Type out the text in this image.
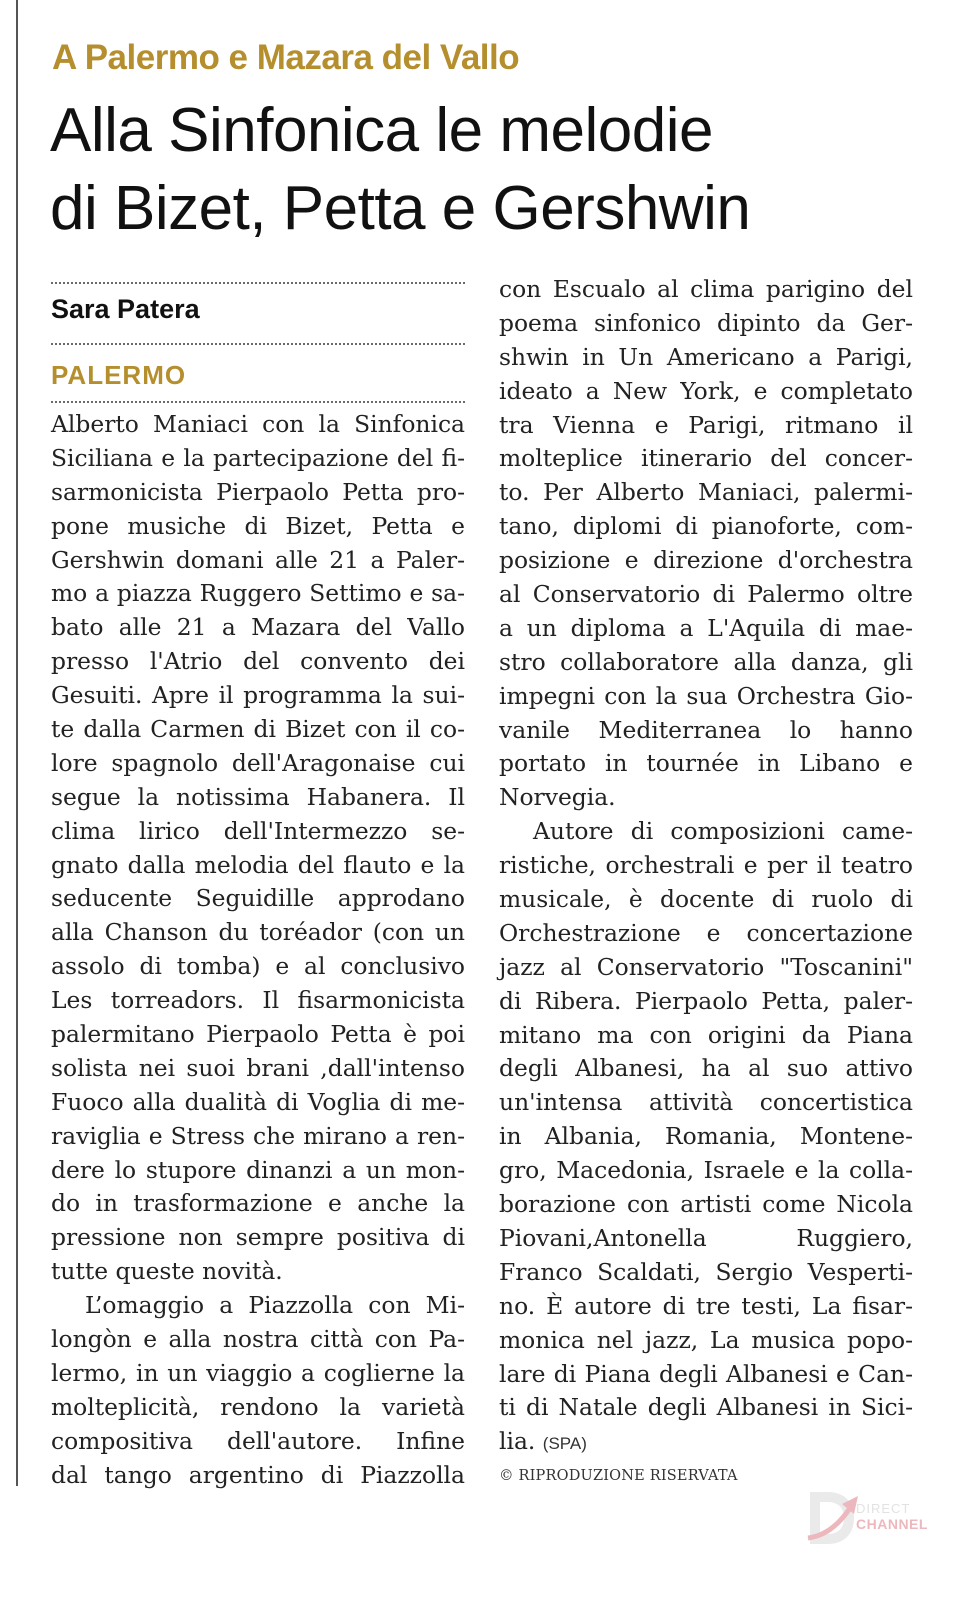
A Palermo e Mazara del Vallo
Alla Sinfonica le melodie
di Bizet, Petta e Gershwin
Sara Patera
PALERMO
Alberto Maniaci con la Sinfonica
Siciliana e la partecipazione del fi-
sarmonicista Pierpaolo Petta pro-
pone musiche di Bizet, Petta e
Gershwin domani alle 21 a Paler-
mo a piazza Ruggero Settimo e sa-
bato alle 21 a Mazara del Vallo
presso l'Atrio del convento dei
Gesuiti. Apre il programma la sui-
te dalla Carmen di Bizet con il co-
lore spagnolo dell'Aragonaise cui
segue la notissima Habanera. Il
clima lirico dell'Intermezzo se-
gnato dalla melodia del flauto e la
seducente Seguidille approdano
alla Chanson du toréador (con un
assolo di tomba) e al conclusivo
Les torreadors. Il fisarmonicista
palermitano Pierpaolo Petta è poi
solista nei suoi brani ,dall'intenso
Fuoco alla dualità di Voglia di me-
raviglia e Stress che mirano a ren-
dere lo stupore dinanzi a un mon-
do in trasformazione e anche la
pressione non sempre positiva di
tutte queste novità.
L’omaggio a Piazzolla con Mi-
longòn e alla nostra città con Pa-
lermo, in un viaggio a coglierne la
molteplicità, rendono la varietà
compositiva dell'autore. Infine
dal tango argentino di Piazzolla
con Escualo al clima parigino del
poema sinfonico dipinto da Ger-
shwin in Un Americano a Parigi,
ideato a New York, e completato
tra Vienna e Parigi, ritmano il
molteplice itinerario del concer-
to. Per Alberto Maniaci, palermi-
tano, diplomi di pianoforte, com-
posizione e direzione d'orchestra
al Conservatorio di Palermo oltre
a un diploma a L'Aquila di mae-
stro collaboratore alla danza, gli
impegni con la sua Orchestra Gio-
vanile Mediterranea lo hanno
portato in tournée in Libano e
Norvegia.
Autore di composizioni came-
ristiche, orchestrali e per il teatro
musicale, è docente di ruolo di
Orchestrazione e concertazione
jazz al Conservatorio "Toscanini"
di Ribera. Pierpaolo Petta, paler-
mitano ma con origini da Piana
degli Albanesi, ha al suo attivo
un'intensa attività concertistica
in Albania, Romania, Montene-
gro, Macedonia, Israele e la colla-
borazione con artisti come Nicola
Piovani,Antonella Ruggiero,
Franco Scaldati, Sergio Vesperti-
no. È autore di tre testi, La fisar-
monica nel jazz, La musica popo-
lare di Piana degli Albanesi e Can-
ti di Natale degli Albanesi in Sici-
lia. (SPA)
© RIPRODUZIONE RISERVATA
DIRECT
CHANNEL
